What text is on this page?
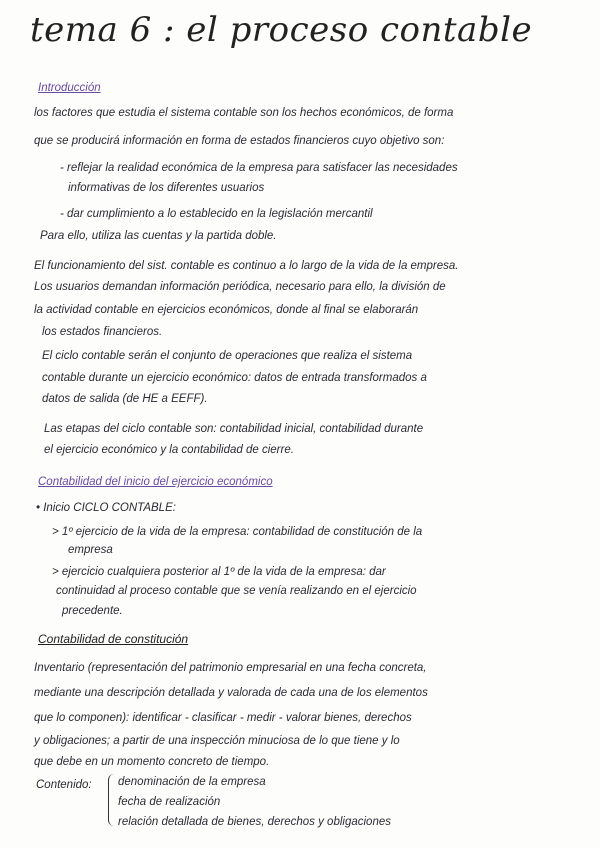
tema 6 : el proceso contable
Introducción
los factores que estudia el sistema contable son los hechos económicos, de forma
que se producirá información en forma de estados financieros cuyo objetivo son:
- reflejar la realidad económica de la empresa para satisfacer las necesidades
informativas de los diferentes usuarios
- dar cumplimiento a lo establecido en la legislación mercantil
Para ello, utiliza las cuentas y la partida doble.
El funcionamiento del sist. contable es continuo a lo largo de la vida de la empresa.
Los usuarios demandan información periódica, necesario para ello, la división de
la actividad contable en ejercicios económicos, donde al final se elaborarán
los estados financieros.
El ciclo contable serán el conjunto de operaciones que realiza el sistema
contable durante un ejercicio económico: datos de entrada transformados a
datos de salida (de HE a EEFF).
Las etapas del ciclo contable son: contabilidad inicial, contabilidad durante
el ejercicio económico y la contabilidad de cierre.
Contabilidad del inicio del ejercicio económico
• Inicio CICLO CONTABLE:
> 1º ejercicio de la vida de la empresa: contabilidad de constitución de la
empresa
> ejercicio cualquiera posterior al 1º de la vida de la empresa: dar
continuidad al proceso contable que se venía realizando en el ejercicio
precedente.
Contabilidad de constitución
Inventario (representación del patrimonio empresarial en una fecha concreta,
mediante una descripción detallada y valorada de cada una de los elementos
que lo componen): identificar - clasificar - medir - valorar bienes, derechos
y obligaciones; a partir de una inspección minuciosa de lo que tiene y lo
que debe en un momento concreto de tiempo.
Contenido: denominación de la empresa
fecha de realización
relación detallada de bienes, derechos y obligaciones
